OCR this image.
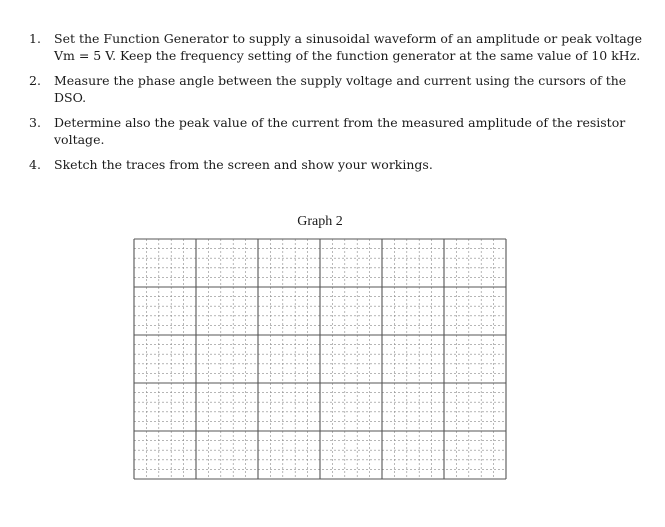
1. Set the Function Generator to supply a sinusoidal waveform of an amplitude or peak voltage
Vm = 5 V. Keep the frequency setting of the function generator at the same value of 10 kHz.
2. Measure the phase angle between the supply voltage and current using the cursors of the
DSO.
3. Determine also the peak value of the current from the measured amplitude of the resistor
voltage.
4. Sketch the traces from the screen and show your workings.
Graph 2
